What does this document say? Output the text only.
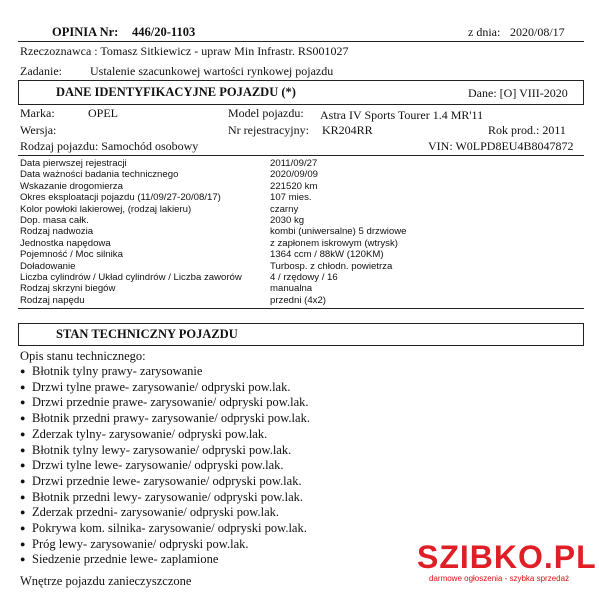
OPINIA Nr: 446/20-1103	z dnia: 2020/08/17
Rzeczoznawca : Tomasz Sitkiewicz - upraw Min Infrastr. RS001027
Zadanie: Ustalenie szacunkowej wartości rynkowej pojazdu
DANE IDENTYFIKACYJNE POJAZDU (*)	Dane: [O] VIII-2020
Marka:	OPEL	Model pojazdu: Astra IV Sports Tourer 1.4 MR'11
Wersja:	Nr rejestracyjny: KR204RR	Rok prod.: 2011
Rodzaj pojazdu: Samochód osobowy	VIN: W0LPD8EU4B8047872
Data pierwszej rejestracji	2011/09/27
Data ważności badania technicznego	2020/09/09
Wskazanie drogomierza	221520 km
Okres eksploatacji pojazdu (11/09/27-20/08/17)	107 mies.
Kolor powłoki lakierowej, (rodzaj lakieru)	czarny
Dop. masa całk.	2030 kg
Rodzaj nadwozia	kombi (uniwersalne) 5 drzwiowe
Jednostka napędowa	z zapłonem iskrowym (wtrysk)
Pojemność / Moc silnika	1364 ccm / 88kW (120KM)
Doładowanie	Turbosp. z chłodn. powietrza
Liczba cylindrów / Układ cylindrów / Liczba zaworów	4 / rzędowy / 16
Rodzaj skrzyni biegów	manualna
Rodzaj napędu	przedni (4x2)
STAN TECHNICZNY POJAZDU
Opis stanu technicznego:
● Błotnik tylny prawy- zarysowanie
● Drzwi tylne prawe- zarysowanie/ odpryski pow.lak.
● Drzwi przednie prawe- zarysowanie/ odpryski pow.lak.
● Błotnik przedni prawy- zarysowanie/ odpryski pow.lak.
● Zderzak tylny- zarysowanie/ odpryski pow.lak.
● Błotnik tylny lewy- zarysowanie/ odpryski pow.lak.
● Drzwi tylne lewe- zarysowanie/ odpryski pow.lak.
● Drzwi przednie lewe- zarysowanie/ odpryski pow.lak.
● Błotnik przedni lewy- zarysowanie/ odpryski pow.lak.
● Zderzak przedni- zarysowanie/ odpryski pow.lak.
● Pokrywa kom. silnika- zarysowanie/ odpryski pow.lak.
● Próg lewy- zarysowanie/ odpryski pow.lak.
● Siedzenie przednie lewe- zaplamione
Wnętrze pojazdu zanieczyszczone
SZIBKO.PL
darmowe ogłoszenia - szybka sprzedaż
